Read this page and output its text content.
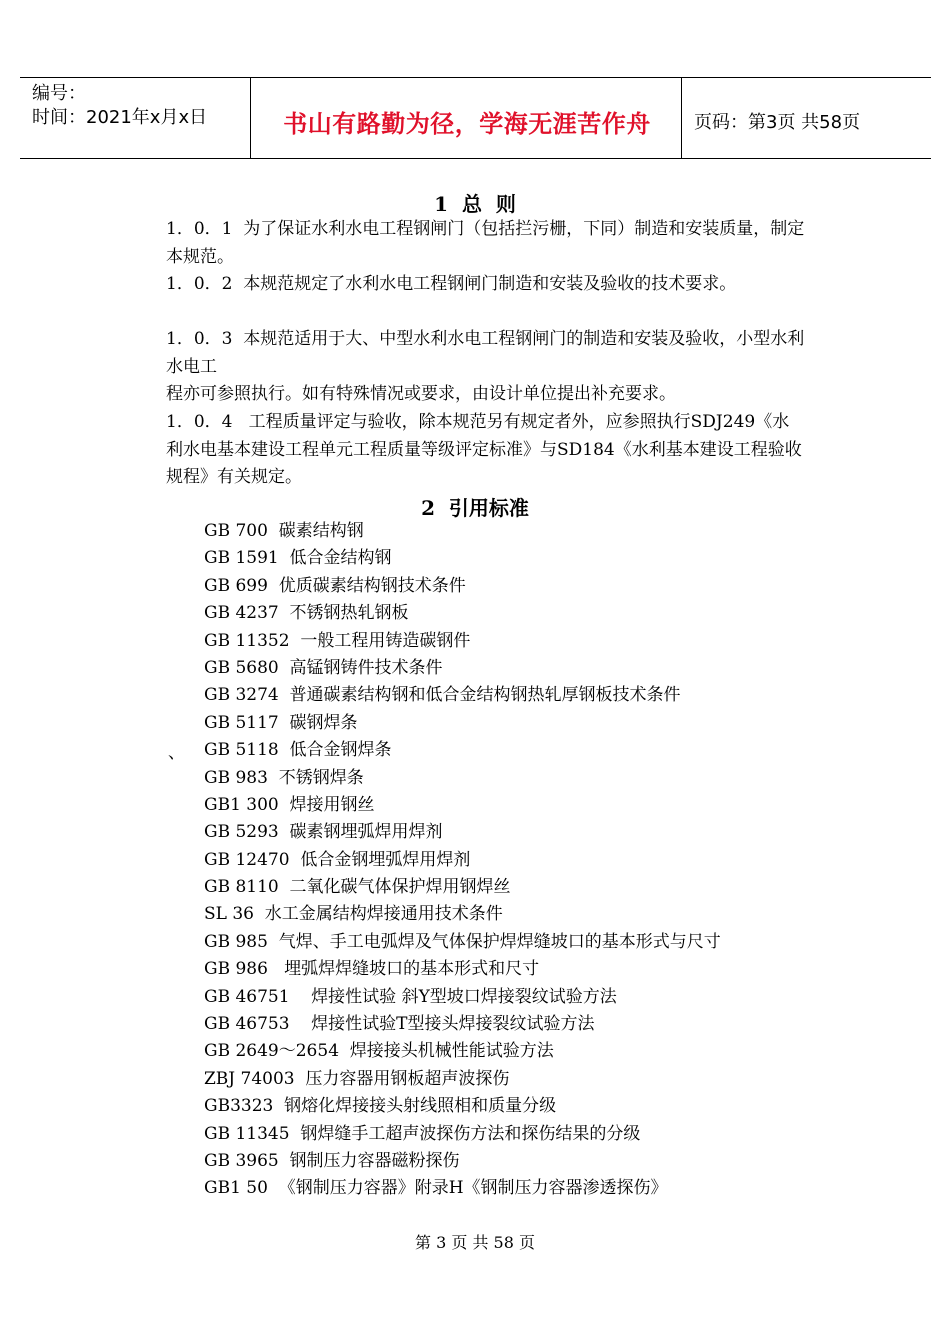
编号：
时间：2021年x月x日	书山有路勤为径，学海无涯苦作舟	页码：第3页 共58页
1  总  则
1．0．1  为了保证水利水电工程钢闸门（包括拦污栅，下同）制造和安装质量，制定本规范。
1．0．2  本规范规定了水利水电工程钢闸门制造和安装及验收的技术要求。
1．0．3  本规范适用于大、中型水利水电工程钢闸门的制造和安装及验收，小型水利水电工
程亦可参照执行。如有特殊情况或要求，由设计单位提出补充要求。
1．0．4   工程质量评定与验收，除本规范另有规定者外，应参照执行SDJ249《水利水电基本建设工程单元工程质量等级评定标准》与SD184《水利基本建设工程验收规程》有关规定。
2  引用标准
、
GB 700  碳素结构钢
GB 1591  低合金结构钢
GB 699  优质碳素结构钢技术条件
GB 4237  不锈钢热轧钢板
GB 11352  一般工程用铸造碳钢件
GB 5680  高锰钢铸件技术条件
GB 3274  普通碳素结构钢和低合金结构钢热轧厚钢板技术条件
GB 5117  碳钢焊条
GB 5118  低合金钢焊条
GB 983  不锈钢焊条
GB1 300  焊接用钢丝
GB 5293  碳素钢埋弧焊用焊剂
GB 12470  低合金钢埋弧焊用焊剂
GB 8110  二氧化碳气体保护焊用钢焊丝
SL 36  水工金属结构焊接通用技术条件
GB 985  气焊、手工电弧焊及气体保护焊焊缝坡口的基本形式与尺寸
GB 986   埋弧焊焊缝坡口的基本形式和尺寸
GB 46751    焊接性试验 斜Y型坡口焊接裂纹试验方法
GB 46753    焊接性试验T型接头焊接裂纹试验方法
GB 2649～2654  焊接接头机械性能试验方法
ZBJ 74003  压力容器用钢板超声波探伤
GB3323  钢熔化焊接接头射线照相和质量分级
GB 11345  钢焊缝手工超声波探伤方法和探伤结果的分级
GB 3965  钢制压力容器磁粉探伤
GB1 50  《钢制压力容器》附录H《钢制压力容器渗透探伤》
第 3 页 共 58 页
